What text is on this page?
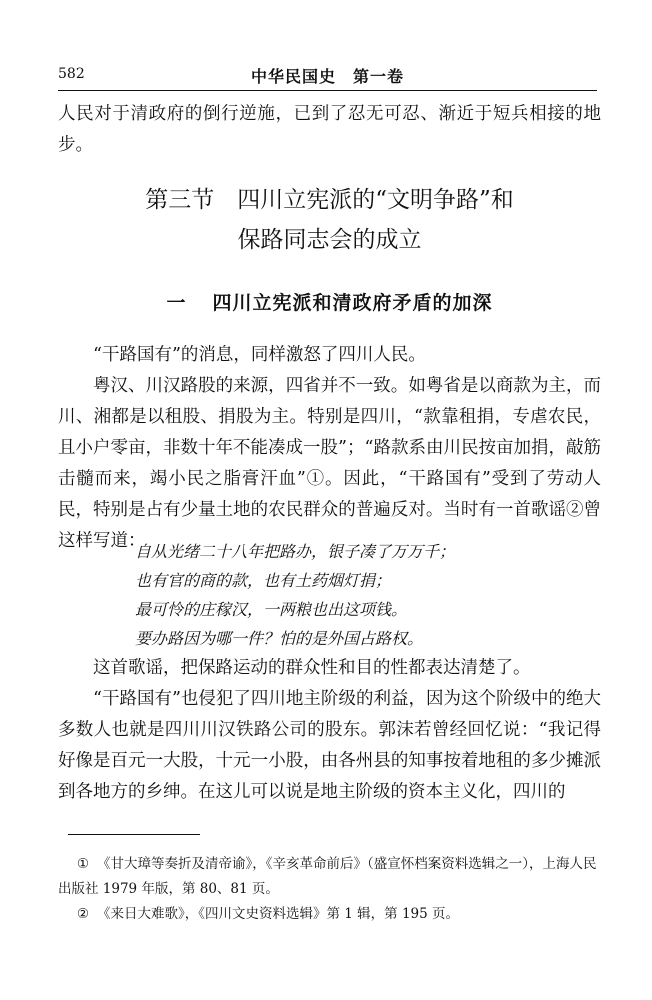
582	中华民国史　第一卷
人民对于清政府的倒行逆施，已到了忍无可忍、渐近于短兵相接的地步。
第三节　四川立宪派的“文明争路”和
保路同志会的成立
一 四川立宪派和清政府矛盾的加深
“干路国有”的消息，同样激怒了四川人民。
粤汉、川汉路股的来源，四省并不一致。如粤省是以商款为主，而川、湘都是以租股、捐股为主。特别是四川，“款靠租捐，专虐农民，且小户零亩，非数十年不能凑成一股”；“路款系由川民按亩加捐，敲筋击髓而来，竭小民之脂膏汗血”①。因此，“干路国有”受到了劳动人民，特别是占有少量土地的农民群众的普遍反对。当时有一首歌谣②曾这样写道：
自从光绪二十八年把路办，银子凑了万万千；
也有官的商的款，也有土药烟灯捐；
最可怜的庄稼汉，一两粮也出这项钱。
要办路因为哪一件？怕的是外国占路权。
这首歌谣，把保路运动的群众性和目的性都表达清楚了。
“干路国有”也侵犯了四川地主阶级的利益，因为这个阶级中的绝大多数人也就是四川川汉铁路公司的股东。郭沫若曾经回忆说：“我记得好像是百元一大股，十元一小股，由各州县的知事按着地租的多少摊派到各地方的乡绅。在这儿可以说是地主阶级的资本主义化，四川的
① 《甘大璋等奏折及清帝谕》，《辛亥革命前后》（盛宣怀档案资料选辑之一），上海人民出版社 1979 年版，第 80、81 页。
② 《来日大难歌》，《四川文史资料选辑》第 1 辑，第 195 页。
